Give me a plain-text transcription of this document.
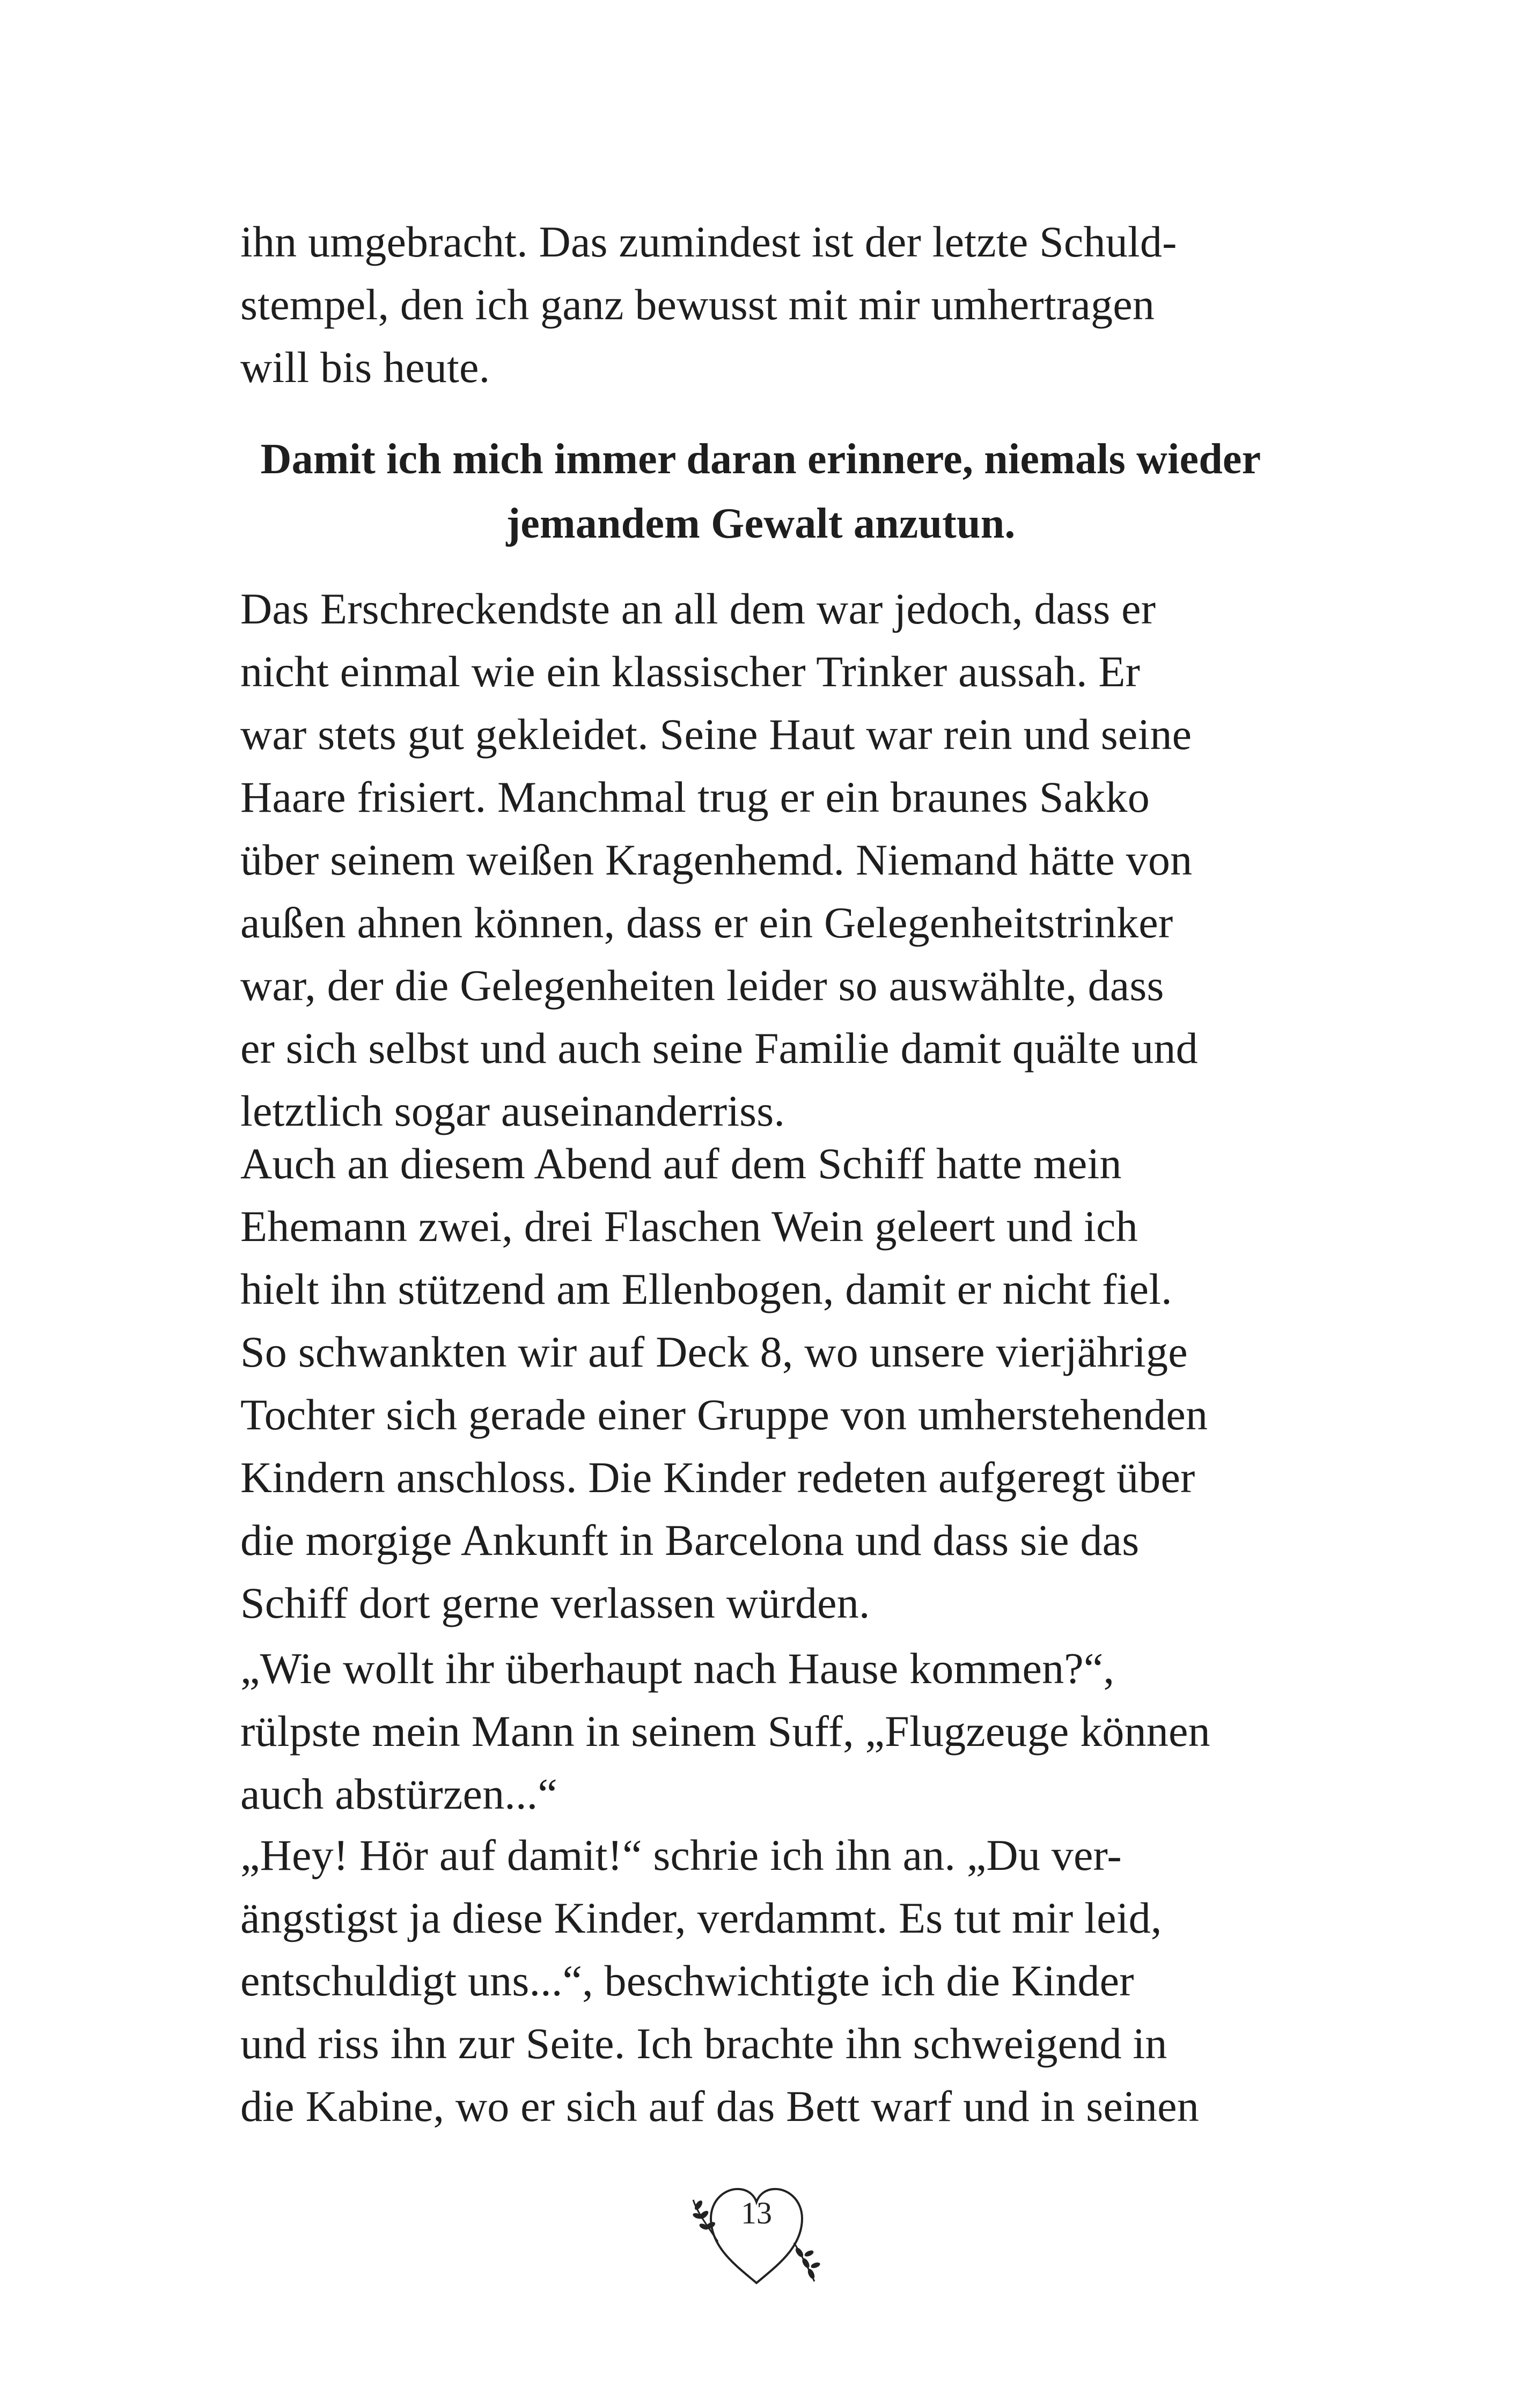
ihn umgebracht. Das zumindest ist der letzte Schuld-
stempel, den ich ganz bewusst mit mir umhertragen
will bis heute.
Damit ich mich immer daran erinnere, niemals wieder
jemandem Gewalt anzutun.
Das Erschreckendste an all dem war jedoch, dass er
nicht einmal wie ein klassischer Trinker aussah. Er
war stets gut gekleidet. Seine Haut war rein und seine
Haare frisiert. Manchmal trug er ein braunes Sakko
über seinem weißen Kragenhemd. Niemand hätte von
außen ahnen können, dass er ein Gelegenheitstrinker
war, der die Gelegenheiten leider so auswählte, dass
er sich selbst und auch seine Familie damit quälte und
letztlich sogar auseinanderriss.
Auch an diesem Abend auf dem Schiff hatte mein
Ehemann zwei, drei Flaschen Wein geleert und ich
hielt ihn stützend am Ellenbogen, damit er nicht fiel.
So schwankten wir auf Deck 8, wo unsere vierjährige
Tochter sich gerade einer Gruppe von umherstehenden
Kindern anschloss. Die Kinder redeten aufgeregt über
die morgige Ankunft in Barcelona und dass sie das
Schiff dort gerne verlassen würden.
„Wie wollt ihr überhaupt nach Hause kommen?“,
rülpste mein Mann in seinem Suff, „Flugzeuge können
auch abstürzen...“
„Hey! Hör auf damit!“ schrie ich ihn an. „Du ver-
ängstigst ja diese Kinder, verdammt. Es tut mir leid,
entschuldigt uns...“, beschwichtigte ich die Kinder
und riss ihn zur Seite. Ich brachte ihn schweigend in
die Kabine, wo er sich auf das Bett warf und in seinen
13
